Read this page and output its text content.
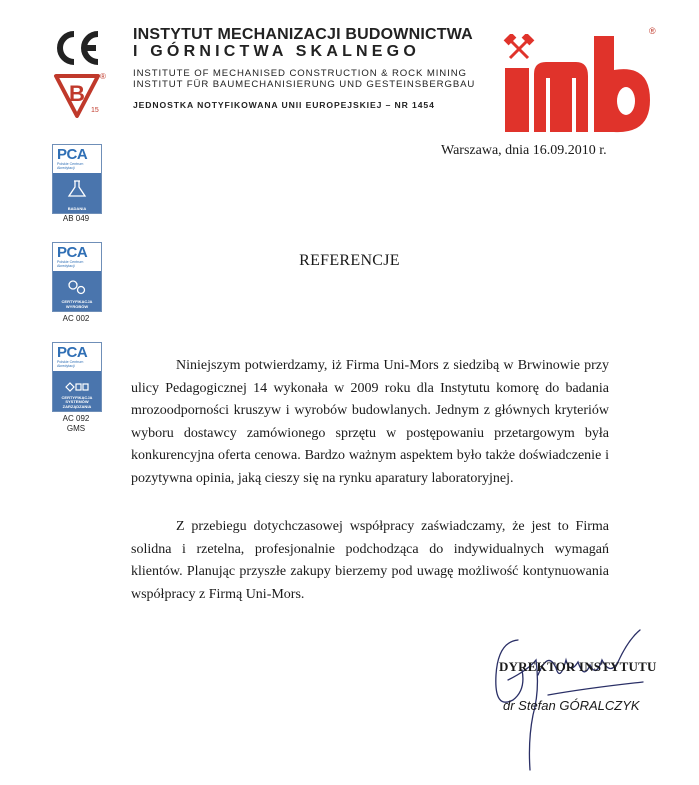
B
®
15
PCA
Polskie Centrum Akredytacji
BADANIA
AB 049
PCA
Polskie Centrum Akredytacji
CERTYFIKACJA WYROBÓW
AC 002
PCA
Polskie Centrum Akredytacji
CERTYFIKACJA SYSTEMÓW ZARZĄDZANIA
AC 092
GMS
INSTYTUT MECHANIZACJI BUDOWNICTWA
I GÓRNICTWA SKALNEGO
INSTITUTE OF MECHANISED CONSTRUCTION & ROCK MINING
INSTITUT FÜR BAUMECHANISIERUNG UND GESTEINSBERGBAU
JEDNOSTKA NOTYFIKOWANA UNII EUROPEJSKIEJ – NR 1454
®
Warszawa, dnia 16.09.2010 r.
REFERENCJE
Niniejszym potwierdzamy, iż Firma Uni-Mors z siedzibą w Brwinowie przy ulicy Pedagogicznej 14 wykonała w 2009 roku dla Instytutu komorę do badania mrozoodporności kruszyw i wyrobów budowlanych. Jednym z głównych kryteriów wyboru dostawcy zamówionego sprzętu w postępowaniu przetargowym była konkurencyjna oferta cenowa. Bardzo ważnym aspektem było także doświadczenie i pozytywna opinia, jaką cieszy się na rynku aparatury laboratoryjnej.
Z przebiegu dotychczasowej współpracy zaświadczamy, że jest to Firma solidna i rzetelna, profesjonalnie podchodząca do indywidualnych wymagań klientów. Planując przyszłe zakupy bierzemy pod uwagę możliwość kontynuowania współpracy z Firmą Uni-Mors.
DYREKTOR INSTYTUTU
dr Stefan GÓRALCZYK
